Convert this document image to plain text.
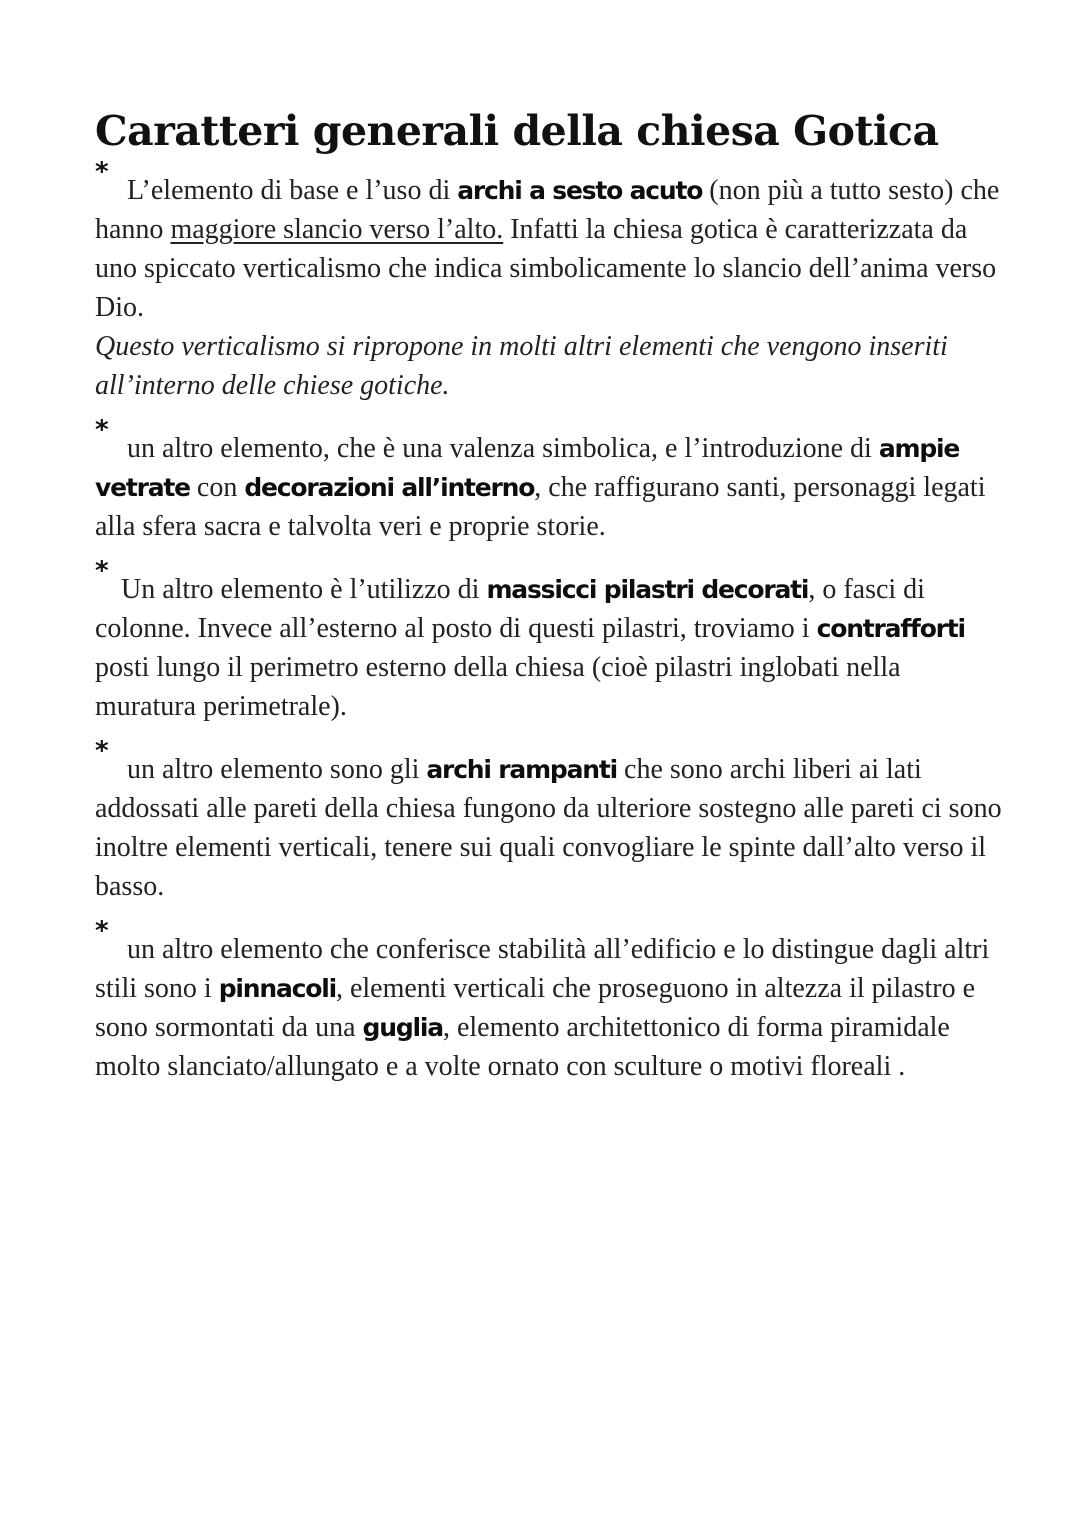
Caratteri generali della chiesa Gotica
*
L’elemento di base e l’uso di archi a sesto acuto (non più a tutto sesto) che hanno maggiore slancio verso l’alto. Infatti la chiesa gotica è caratterizzata da uno spiccato verticalismo che indica simbolicamente lo slancio dell’anima verso Dio.
Questo verticalismo si ripropone in molti altri elementi che vengono inseriti all’interno delle chiese gotiche.
*
un altro elemento, che è una valenza simbolica, e l’introduzione di ampie vetrate con decorazioni all’interno, che raffigurano santi, personaggi legati alla sfera sacra e talvolta veri e proprie storie.
*
Un altro elemento è l’utilizzo di massicci pilastri decorati, o fasci di colonne. Invece all’esterno al posto di questi pilastri, troviamo i contrafforti posti lungo il perimetro esterno della chiesa (cioè pilastri inglobati nella muratura perimetrale).
*
un altro elemento sono gli archi rampanti che sono archi liberi ai lati addossati alle pareti della chiesa fungono da ulteriore sostegno alle pareti ci sono inoltre elementi verticali, tenere sui quali convogliare le spinte dall’alto verso il basso.
*
un altro elemento che conferisce stabilità all’edificio e lo distingue dagli altri stili sono i pinnacoli, elementi verticali che proseguono in altezza il pilastro e sono sormontati da una guglia, elemento architettonico di forma piramidale molto slanciato/allungato e a volte ornato con sculture o motivi floreali .
